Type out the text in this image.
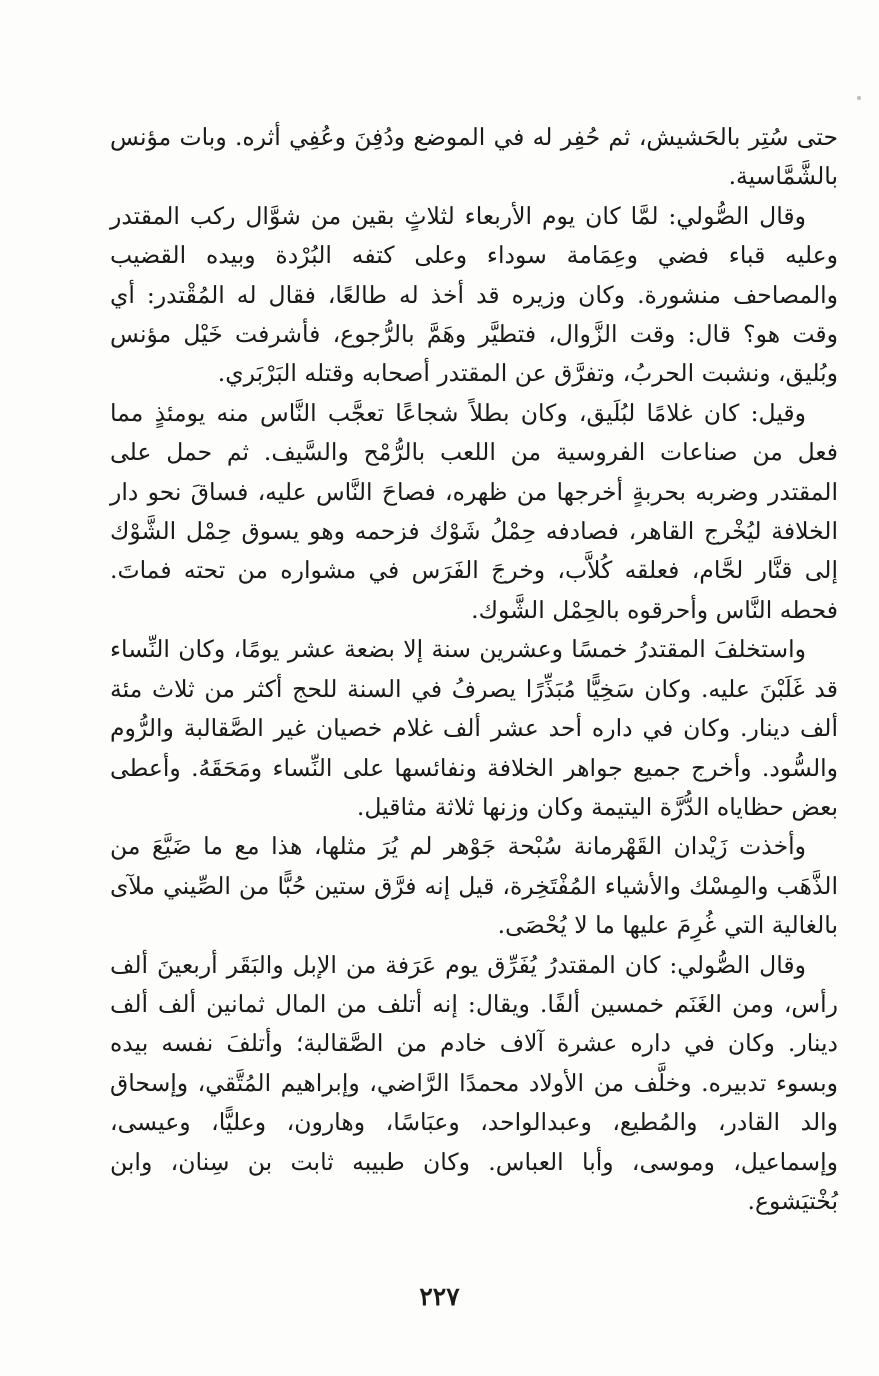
حتى سُتِر بالحَشيش، ثم حُفِر له في الموضع ودُفِنَ وعُفِي أثره. وبات مؤنس بالشَّمَّاسية.

وقال الصُّولي: لمَّا كان يوم الأربعاء لثلاثٍ بقين من شوَّال ركب المقتدر وعليه قباء فضي وعِمَامة سوداء وعلى كتفه البُرْدة وبيده القضيب والمصاحف منشورة. وكان وزيره قد أخذ له طالعًا، فقال له المُقْتدر: أي وقت هو؟ قال: وقت الزَّوال، فتطيَّر وهَمَّ بالرُّجوع، فأشرفت خَيْل مؤنس وبُليق، ونشبت الحربُ، وتفرَّق عن المقتدر أصحابه وقتله البَرْبَري.

وقيل: كان غلامًا لبُلَيق، وكان بطلاً شجاعًا تعجَّب النَّاس منه يومئذٍ مما فعل من صناعات الفروسية من اللعب بالرُّمْح والسَّيف. ثم حمل على المقتدر وضربه بحربةٍ أخرجها من ظهره، فصاحَ النَّاس عليه، فساقَ نحو دار الخلافة ليُخْرج القاهر، فصادفه حِمْلُ شَوْك فزحمه وهو يسوق حِمْل الشَّوْك إلى قنَّار لحَّام، فعلقه كُلاَّب، وخرجَ الفَرَس في مشواره من تحته فماتَ. فحطه النَّاس وأحرقوه بالحِمْل الشَّوك.

واستخلفَ المقتدرُ خمسًا وعشرين سنة إلا بضعة عشر يومًا، وكان النِّساء قد غَلَبْنَ عليه. وكان سَخِيًّا مُبَذِّرًا يصرفُ في السنة للحج أكثر من ثلاث مئة ألف دينار. وكان في داره أحد عشر ألف غلام خصيان غير الصَّقالبة والرُّوم والسُّود. وأخرج جميع جواهر الخلافة ونفائسها على النِّساء ومَحَقَهُ. وأعطى بعض حظاياه الدُّرَّة اليتيمة وكان وزنها ثلاثة مثاقيل.

وأخذت زَيْدان القَهْرمانة سُبْحة جَوْهر لم يُرَ مثلها، هذا مع ما ضَيَّعَ من الذَّهَب والمِسْك والأشياء المُفْتَخِرة، قيل إنه فرَّق ستين حُبًّا من الصِّيني ملآى بالغالية التي غُرِمَ عليها ما لا يُحْصَى.

وقال الصُّولي: كان المقتدرُ يُفَرِّق يوم عَرَفة من الإبل والبَقَر أربعينَ ألف رأس، ومن الغَنَم خمسين ألفًا. ويقال: إنه أتلف من المال ثمانين ألف ألف دينار. وكان في داره عشرة آلاف خادم من الصَّقالبة؛ وأتلفَ نفسه بيده وبسوء تدبيره. وخلَّف من الأولاد محمدًا الرَّاضي، وإبراهيم المُتَّقي، وإسحاق والد القادر، والمُطيع، وعبدالواحد، وعبَاسًا، وهارون، وعليًّا، وعيسى، وإسماعيل، وموسى، وأبا العباس. وكان طبيبه ثابت بن سِنان، وابن بُخْتيَشوع.

٢٢٧
